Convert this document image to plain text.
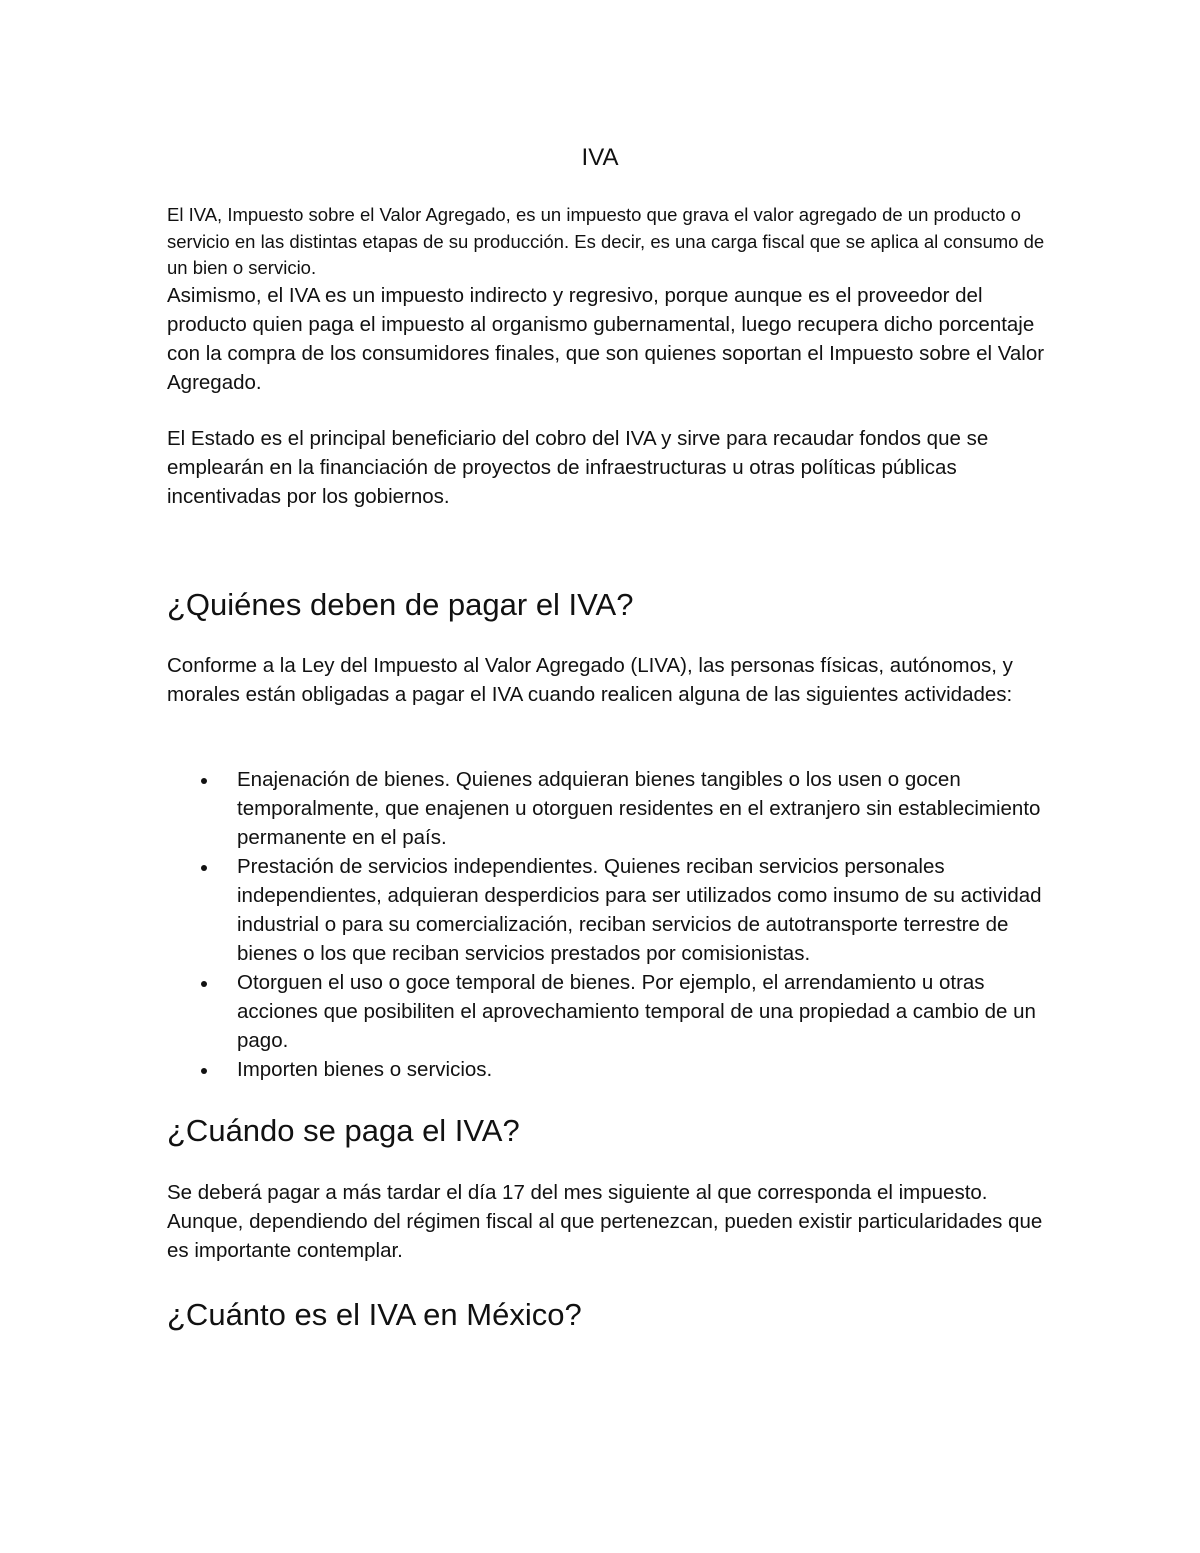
IVA

El IVA, Impuesto sobre el Valor Agregado, es un impuesto que grava el valor agregado de un producto o servicio en las distintas etapas de su producción. Es decir, es una carga fiscal que se aplica al consumo de un bien o servicio.

Asimismo, el IVA es un impuesto indirecto y regresivo, porque aunque es el proveedor del producto quien paga el impuesto al organismo gubernamental, luego recupera dicho porcentaje con la compra de los consumidores finales, que son quienes soportan el Impuesto sobre el Valor Agregado.

El Estado es el principal beneficiario del cobro del IVA y sirve para recaudar fondos que se emplearán en la financiación de proyectos de infraestructuras u otras políticas públicas incentivadas por los gobiernos.

¿Quiénes deben de pagar el IVA?

Conforme a la Ley del Impuesto al Valor Agregado (LIVA), las personas físicas, autónomos, y morales están obligadas a pagar el IVA cuando realicen alguna de las siguientes actividades:

Enajenación de bienes. Quienes adquieran bienes tangibles o los usen o gocen temporalmente, que enajenen u otorguen residentes en el extranjero sin establecimiento permanente en el país.
Prestación de servicios independientes. Quienes reciban servicios personales independientes, adquieran desperdicios para ser utilizados como insumo de su actividad industrial o para su comercialización, reciban servicios de autotransporte terrestre de bienes o los que reciban servicios prestados por comisionistas.
Otorguen el uso o goce temporal de bienes. Por ejemplo, el arrendamiento u otras acciones que posibiliten el aprovechamiento temporal de una propiedad a cambio de un pago.
Importen bienes o servicios.
¿Cuándo se paga el IVA?

Se deberá pagar a más tardar el día 17 del mes siguiente al que corresponda el impuesto. Aunque, dependiendo del régimen fiscal al que pertenezcan, pueden existir particularidades que es importante contemplar.

¿Cuánto es el IVA en México?
